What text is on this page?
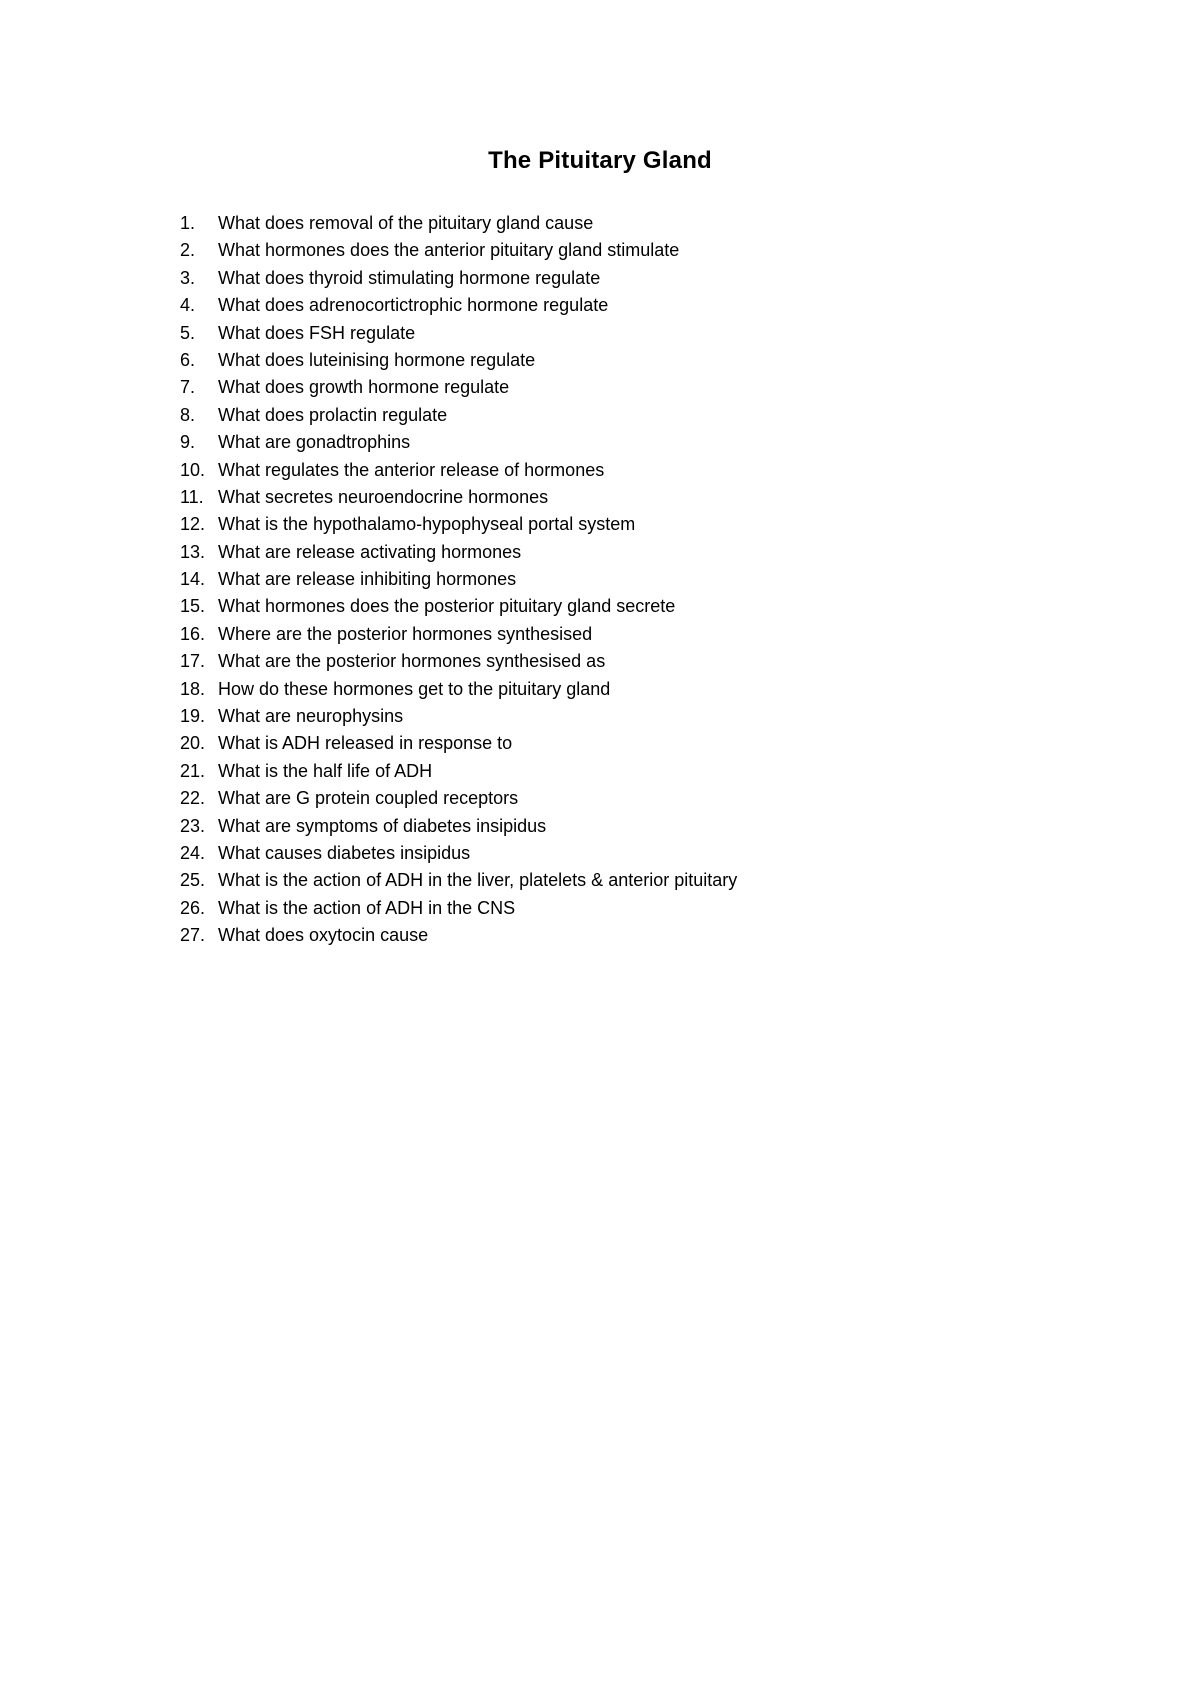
The Pituitary Gland
1.	What does removal of the pituitary gland cause
2.	What hormones does the anterior pituitary gland stimulate
3.	What does thyroid stimulating hormone regulate
4.	What does adrenocortictrophic hormone regulate
5.	What does FSH regulate
6.	What does luteinising hormone regulate
7.	What does growth hormone regulate
8.	What does prolactin regulate
9.	What are gonadtrophins
10. What regulates the anterior release of hormones
11. What secretes neuroendocrine hormones
12. What is the hypothalamo-hypophyseal portal system
13. What are release activating hormones
14. What are release inhibiting hormones
15. What hormones does the posterior pituitary gland secrete
16. Where are the posterior hormones synthesised
17. What are the posterior hormones synthesised as
18. How do these hormones get to the pituitary gland
19. What are neurophysins
20. What is ADH released in response to
21. What is the half life of ADH
22. What are G protein coupled receptors
23. What are symptoms of diabetes insipidus
24. What causes diabetes insipidus
25. What is the action of ADH in the liver, platelets & anterior pituitary
26. What is the action of ADH in the CNS
27. What does oxytocin cause
